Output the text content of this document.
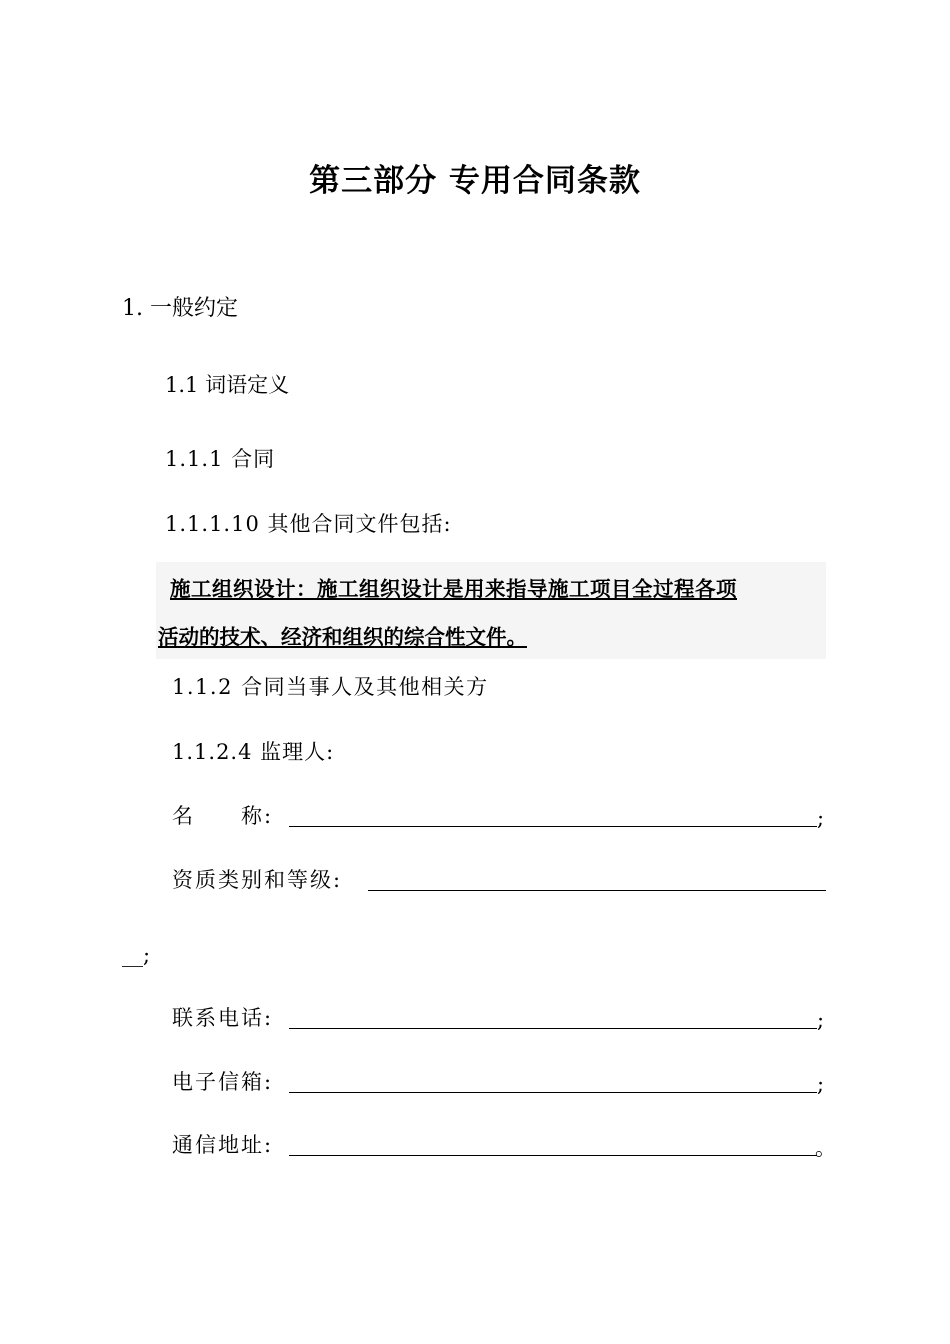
第三部分 专用合同条款
1. 一般约定
1.1 词语定义
1.1.1 合同
1.1.1.10 其他合同文件包括:
施工组织设计：施工组织设计是用来指导施工项目全过程各项
活动的技术、经济和组织的综合性文件。
1.1.2 合同当事人及其他相关方
1.1.2.4 监理人:
名　　称:	;
资质类别和等级:
__;
联系电话:	;
电子信箱:	;
通信地址:	。
